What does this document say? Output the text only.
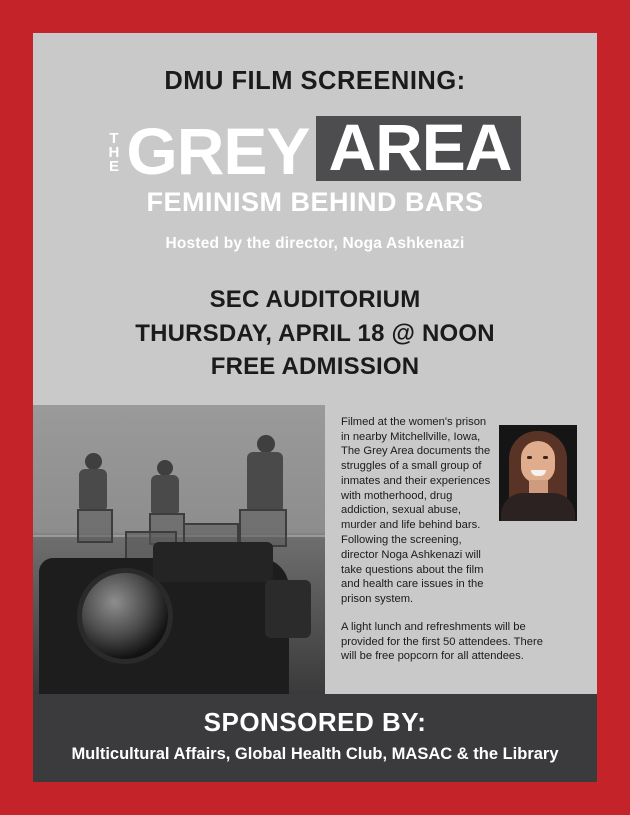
DMU FILM SCREENING:
T
H
E GREY AREA
FEMINISM BEHIND BARS
Hosted by the director, Noga Ashkenazi
SEC AUDITORIUM
THURSDAY, APRIL 18 @ NOON
FREE ADMISSION
Filmed at the women's prison in nearby Mitchellville, Iowa, The Grey Area documents the struggles of a small group of inmates and their experiences with motherhood, drug addiction, sexual abuse, murder and life behind bars. Following the screening, director Noga Ashkenazi will take questions about the film and health care issues in the prison system.
A light lunch and refreshments will be provided for the first 50 attendees. There will be free popcorn for all attendees.
SPONSORED BY:
Multicultural Affairs, Global Health Club, MASAC & the Library
